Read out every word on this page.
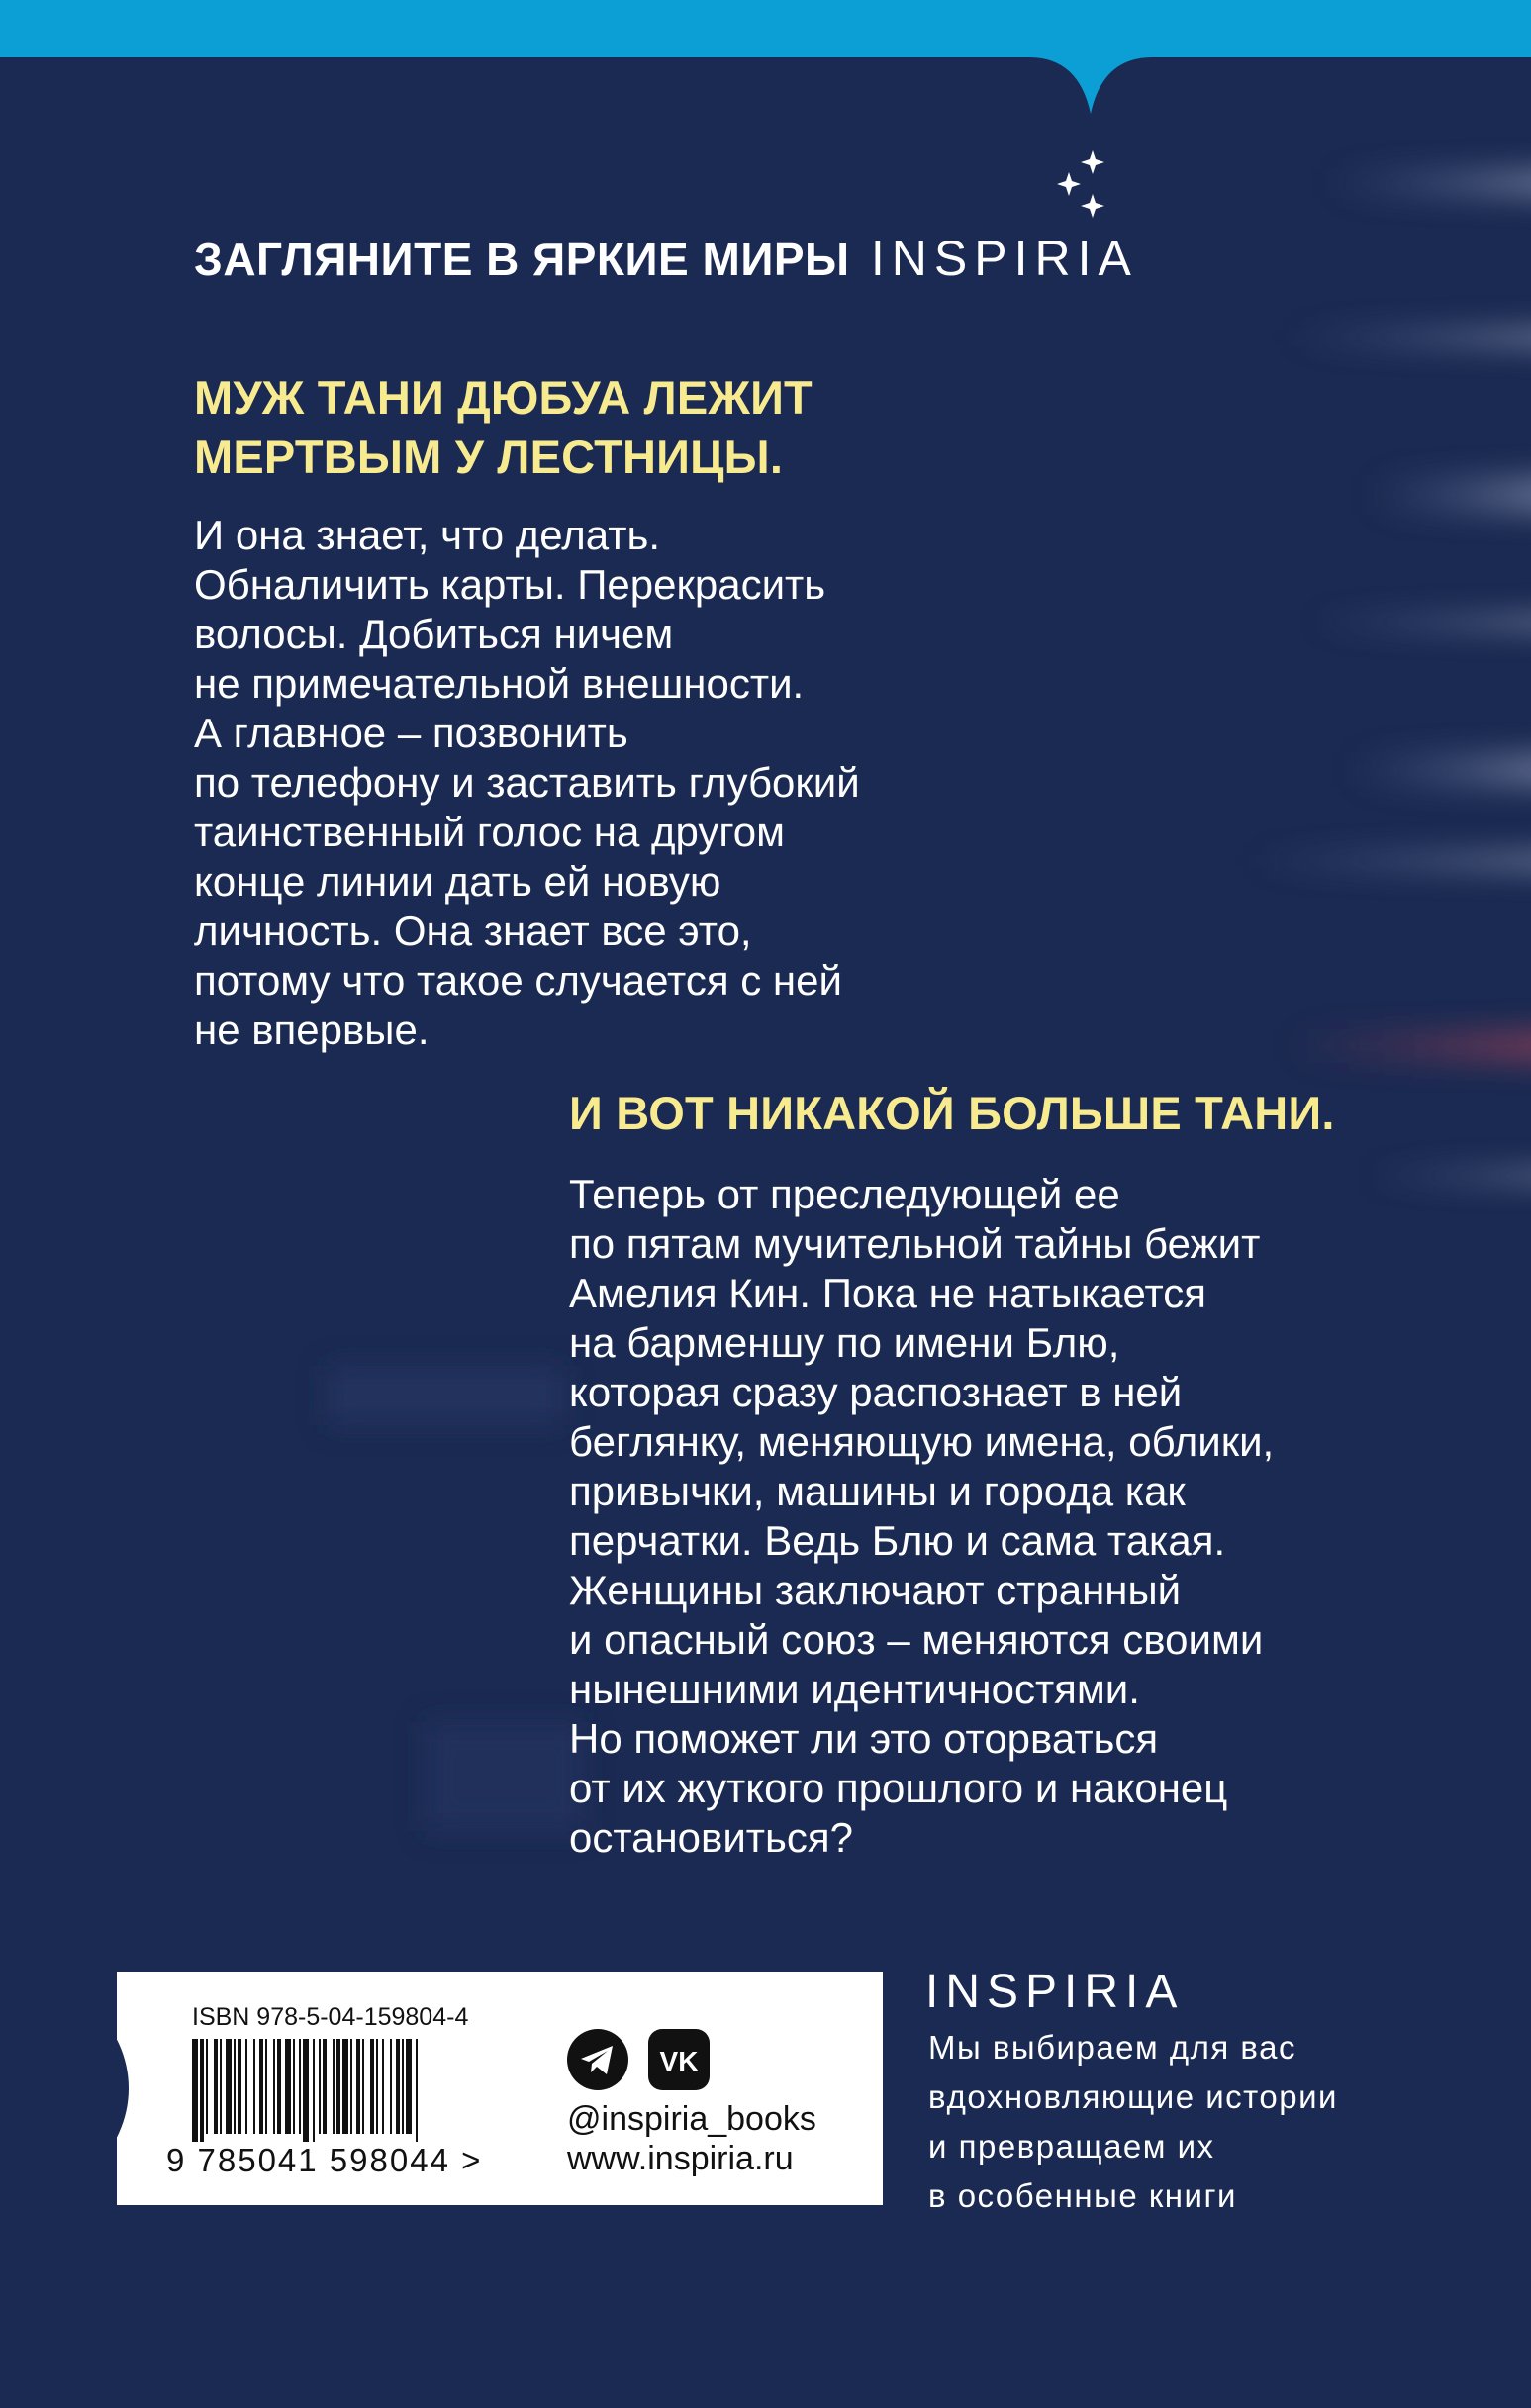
ЗАГЛЯНИТЕ В ЯРКИЕ МИРЫ INSPIRIA
МУЖ ТАНИ ДЮБУА ЛЕЖИТ
МЕРТВЫМ У ЛЕСТНИЦЫ.

И она знает, что делать.
Обналичить карты. Перекрасить
волосы. Добиться ничем
не примечательной внешности.
А главное – позвонить
по телефону и заставить глубокий
таинственный голос на другом
конце линии дать ей новую
личность. Она знает все это,
потому что такое случается с ней
не впервые.

И ВОТ НИКАКОЙ БОЛЬШЕ ТАНИ.

Теперь от преследующей ее
по пятам мучительной тайны бежит
Амелия Кин. Пока не натыкается
на барменшу по имени Блю,
которая сразу распознает в ней
беглянку, меняющую имена, облики,
привычки, машины и города как
перчатки. Ведь Блю и сама такая.
Женщины заключают странный
и опасный союз – меняются своими
нынешними идентичностями.
Но поможет ли это оторваться
от их жуткого прошлого и наконец
остановиться?

ISBN 978-5-04-159804-4
9 785041 598044 >
VK
@inspiria_books
www.inspiria.ru
INSPIRIA

Мы выбираем для вас
вдохновляющие истории
и превращаем их
в особенные книги
